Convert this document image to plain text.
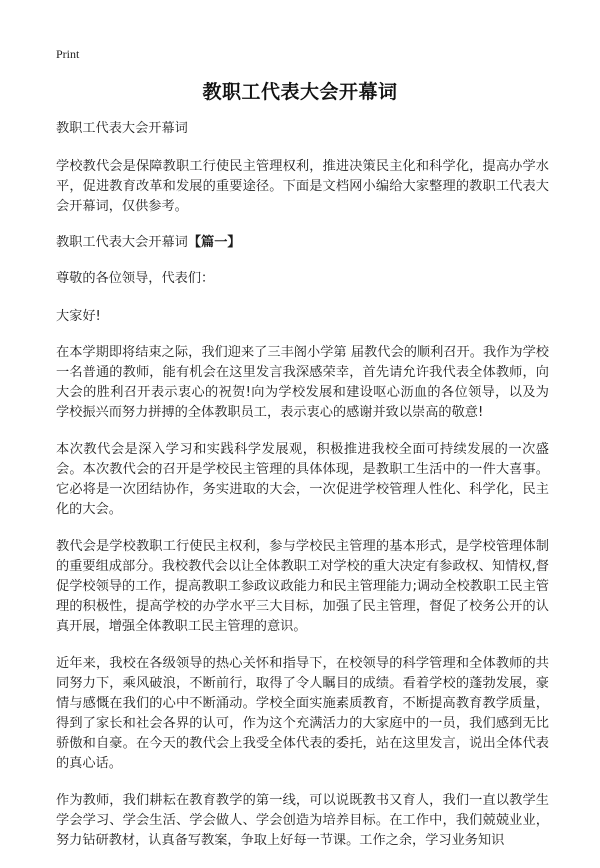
Print
教职工代表大会开幕词

教职工代表大会开幕词

学校教代会是保障教职工行使民主管理权利，推进决策民主化和科学化，提高办学水平，促进教育改革和发展的重要途径。下面是文档网小编给大家整理的教职工代表大会开幕词，仅供参考。

教职工代表大会开幕词【篇一】

尊敬的各位领导，代表们：

大家好!

在本学期即将结束之际，我们迎来了三丰阁小学第 届教代会的顺利召开。我作为学校一名普通的教师，能有机会在这里发言我深感荣幸，首先请允许我代表全体教师，向大会的胜利召开表示衷心的祝贺!向为学校发展和建设呕心沥血的各位领导，以及为学校振兴而努力拼搏的全体教职员工，表示衷心的感谢并致以崇高的敬意!

本次教代会是深入学习和实践科学发展观，积极推进我校全面可持续发展的一次盛会。本次教代会的召开是学校民主管理的具体体现，是教职工生活中的一件大喜事。它必将是一次团结协作，务实进取的大会，一次促进学校管理人性化、科学化，民主化的大会。

教代会是学校教职工行使民主权利，参与学校民主管理的基本形式，是学校管理体制的重要组成部分。我校教代会以让全体教职工对学校的重大决定有参政权、知情权,督促学校领导的工作，提高教职工参政议政能力和民主管理能力;调动全校教职工民主管理的积极性，提高学校的办学水平三大目标，加强了民主管理，督促了校务公开的认真开展，增强全体教职工民主管理的意识。

近年来，我校在各级领导的热心关怀和指导下，在校领导的科学管理和全体教师的共同努力下，乘风破浪，不断前行，取得了令人瞩目的成绩。看着学校的蓬勃发展，豪情与感慨在我们的心中不断涌动。学校全面实施素质教育，不断提高教育教学质量，得到了家长和社会各界的认可，作为这个充满活力的大家庭中的一员，我们感到无比骄傲和自豪。在今天的教代会上我受全体代表的委托，站在这里发言，说出全体代表的真心话。

作为教师，我们耕耘在教育教学的第一线，可以说既教书又育人，我们一直以教学生学会学习、学会生活、学会做人、学会创造为培养目标。在工作中，我们兢兢业业，努力钻研教材，认真备写教案，争取上好每一节课。工作之余，学习业务知识
